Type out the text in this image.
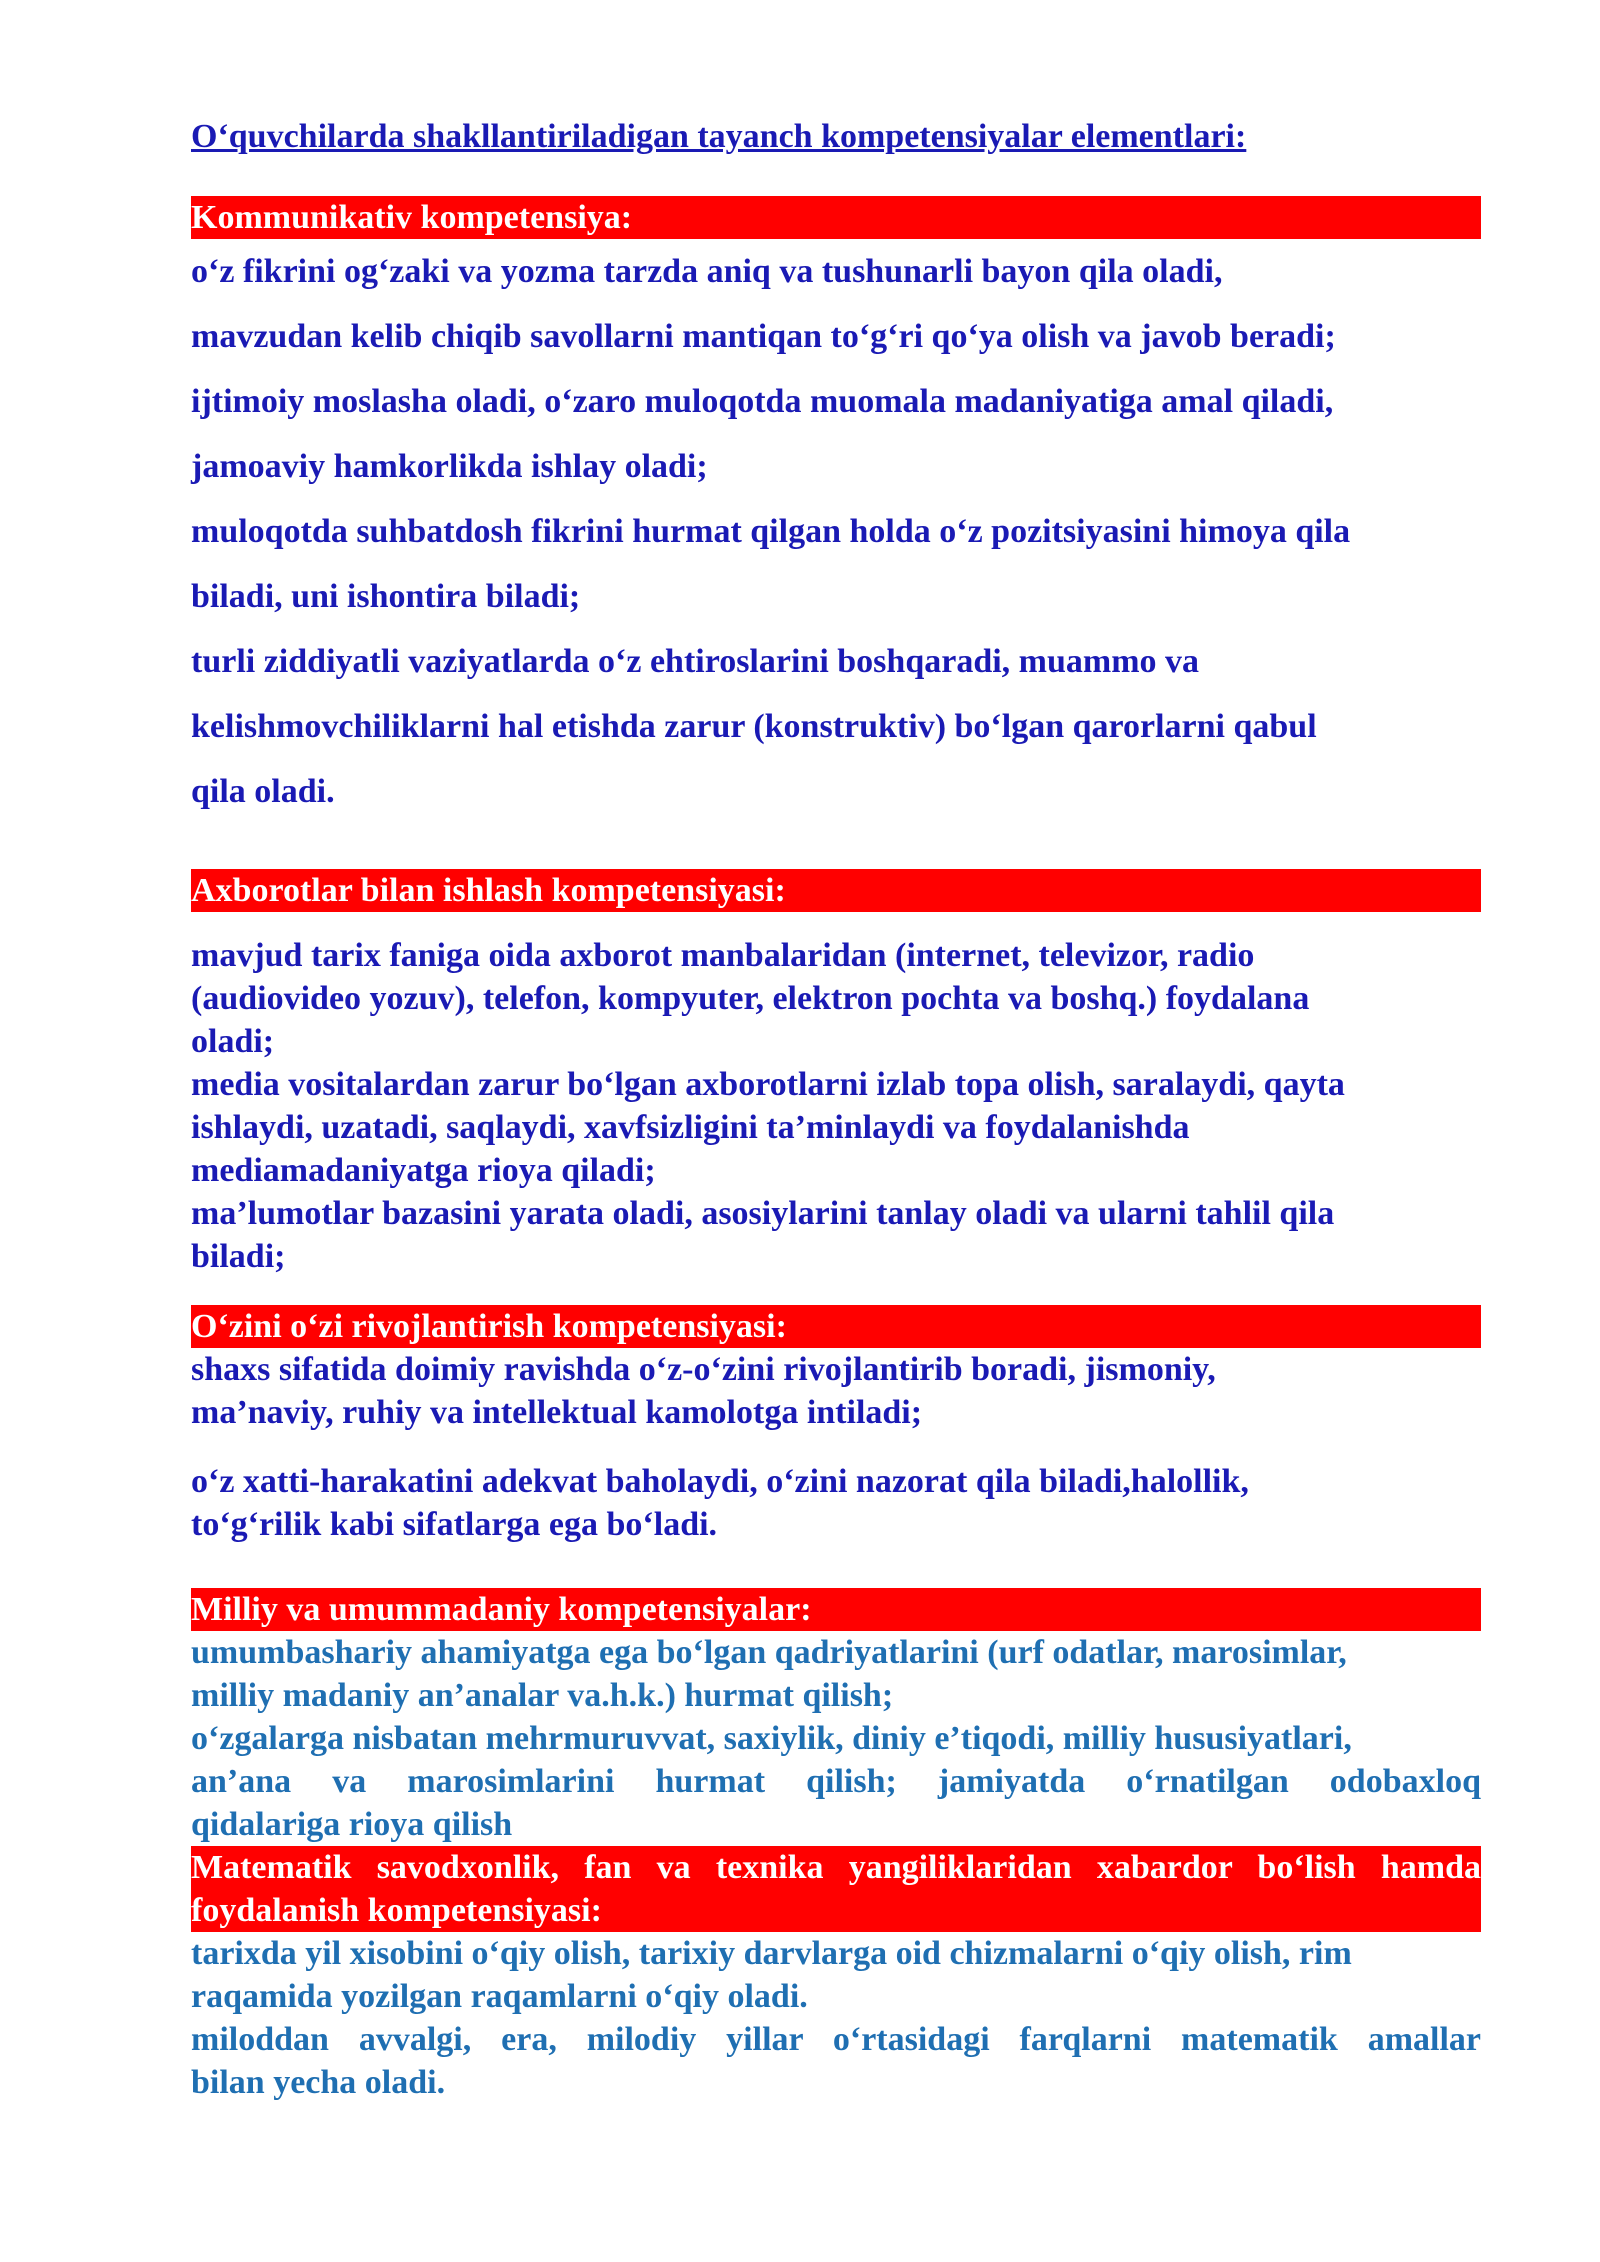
O‘quvchilarda shakllantiriladigan tayanch kompetensiyalar elementlari:
Kommunikativ kompetensiya:

o‘z fikrini og‘zaki va yozma tarzda aniq va tushunarli bayon qila oladi,

mavzudan kelib chiqib savollarni mantiqan to‘g‘ri qo‘ya olish va javob beradi;

ijtimoiy moslasha oladi, o‘zaro muloqotda muomala madaniyatiga amal qiladi,

jamoaviy hamkorlikda ishlay oladi;

muloqotda suhbatdosh fikrini hurmat qilgan holda o‘z pozitsiyasini himoya qila

biladi, uni ishontira biladi;

turli ziddiyatli vaziyatlarda o‘z ehtiroslarini boshqaradi, muammo va

kelishmovchiliklarni hal etishda zarur (konstruktiv) bo‘lgan qarorlarni qabul

qila oladi.

Axborotlar bilan ishlash kompetensiyasi:

mavjud tarix faniga oida axborot manbalaridan (internet, televizor, radio

(audiovideo yozuv), telefon, kompyuter, elektron pochta va boshq.) foydalana

oladi;

media vositalardan zarur bo‘lgan axborotlarni izlab topa olish, saralaydi, qayta

ishlaydi, uzatadi, saqlaydi, xavfsizligini ta’minlaydi va foydalanishda

mediamadaniyatga rioya qiladi;

ma’lumotlar bazasini yarata oladi, asosiylarini tanlay oladi va ularni tahlil qila

biladi;

O‘zini o‘zi rivojlantirish kompetensiyasi:

shaxs sifatida doimiy ravishda o‘z-o‘zini rivojlantirib boradi, jismoniy,

ma’naviy, ruhiy va intellektual kamolotga intiladi;

o‘z xatti-harakatini adekvat baholaydi, o‘zini nazorat qila biladi,halollik,

to‘g‘rilik kabi sifatlarga ega bo‘ladi.

Milliy va umummadaniy kompetensiyalar:

umumbashariy ahamiyatga ega bo‘lgan qadriyatlarini (urf odatlar, marosimlar,

milliy madaniy an’analar va.h.k.) hurmat qilish;

o‘zgalarga nisbatan mehrmuruvvat, saxiylik, diniy e’tiqodi, milliy hususiyatlari,

an’ana va marosimlarini hurmat qilish; jamiyatda o‘rnatilgan odobaxloq

qidalariga rioya qilish

Matematik savodxonlik, fan va texnika yangiliklaridan xabardor bo‘lish hamda
foydalanish kompetensiyasi:

tarixda yil xisobini o‘qiy olish, tarixiy darvlarga oid chizmalarni o‘qiy olish, rim

raqamida yozilgan raqamlarni o‘qiy oladi.

miloddan avvalgi, era, milodiy yillar o‘rtasidagi farqlarni matematik amallar

bilan yecha oladi.
